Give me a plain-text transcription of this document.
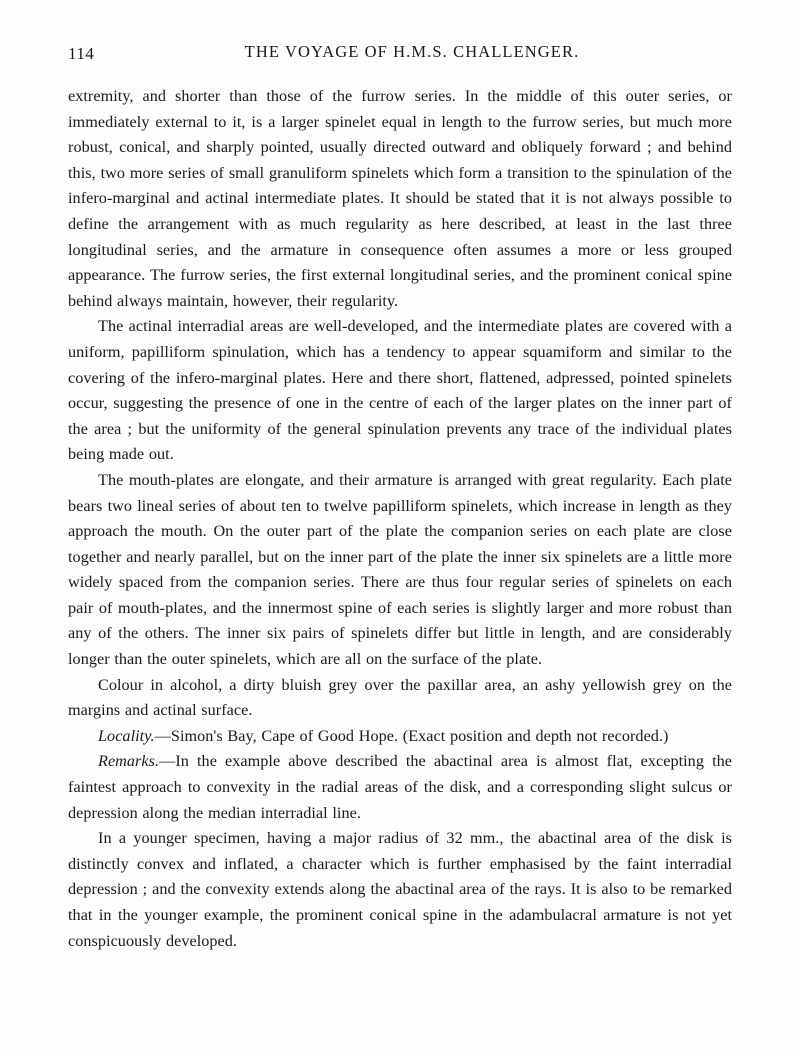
114	THE VOYAGE OF H.M.S. CHALLENGER.

extremity, and shorter than those of the furrow series. In the middle of this outer series, or immediately external to it, is a larger spinelet equal in length to the furrow series, but much more robust, conical, and sharply pointed, usually directed outward and obliquely forward ; and behind this, two more series of small granuliform spinelets which form a transition to the spinulation of the infero-marginal and actinal intermediate plates. It should be stated that it is not always possible to define the arrangement with as much regularity as here described, at least in the last three longitudinal series, and the armature in consequence often assumes a more or less grouped appearance. The furrow series, the first external longitudinal series, and the prominent conical spine behind always maintain, however, their regularity.

The actinal interradial areas are well-developed, and the intermediate plates are covered with a uniform, papilliform spinulation, which has a tendency to appear squamiform and similar to the covering of the infero-marginal plates. Here and there short, flattened, adpressed, pointed spinelets occur, suggesting the presence of one in the centre of each of the larger plates on the inner part of the area ; but the uniformity of the general spinulation prevents any trace of the individual plates being made out.

The mouth-plates are elongate, and their armature is arranged with great regularity. Each plate bears two lineal series of about ten to twelve papilliform spinelets, which increase in length as they approach the mouth. On the outer part of the plate the companion series on each plate are close together and nearly parallel, but on the inner part of the plate the inner six spinelets are a little more widely spaced from the companion series. There are thus four regular series of spinelets on each pair of mouth-plates, and the innermost spine of each series is slightly larger and more robust than any of the others. The inner six pairs of spinelets differ but little in length, and are considerably longer than the outer spinelets, which are all on the surface of the plate.

Colour in alcohol, a dirty bluish grey over the paxillar area, an ashy yellowish grey on the margins and actinal surface.

Locality.—Simon's Bay, Cape of Good Hope. (Exact position and depth not recorded.)

Remarks.—In the example above described the abactinal area is almost flat, excepting the faintest approach to convexity in the radial areas of the disk, and a corresponding slight sulcus or depression along the median interradial line.

In a younger specimen, having a major radius of 32 mm., the abactinal area of the disk is distinctly convex and inflated, a character which is further emphasised by the faint interradial depression ; and the convexity extends along the abactinal area of the rays. It is also to be remarked that in the younger example, the prominent conical spine in the adambulacral armature is not yet conspicuously developed.
